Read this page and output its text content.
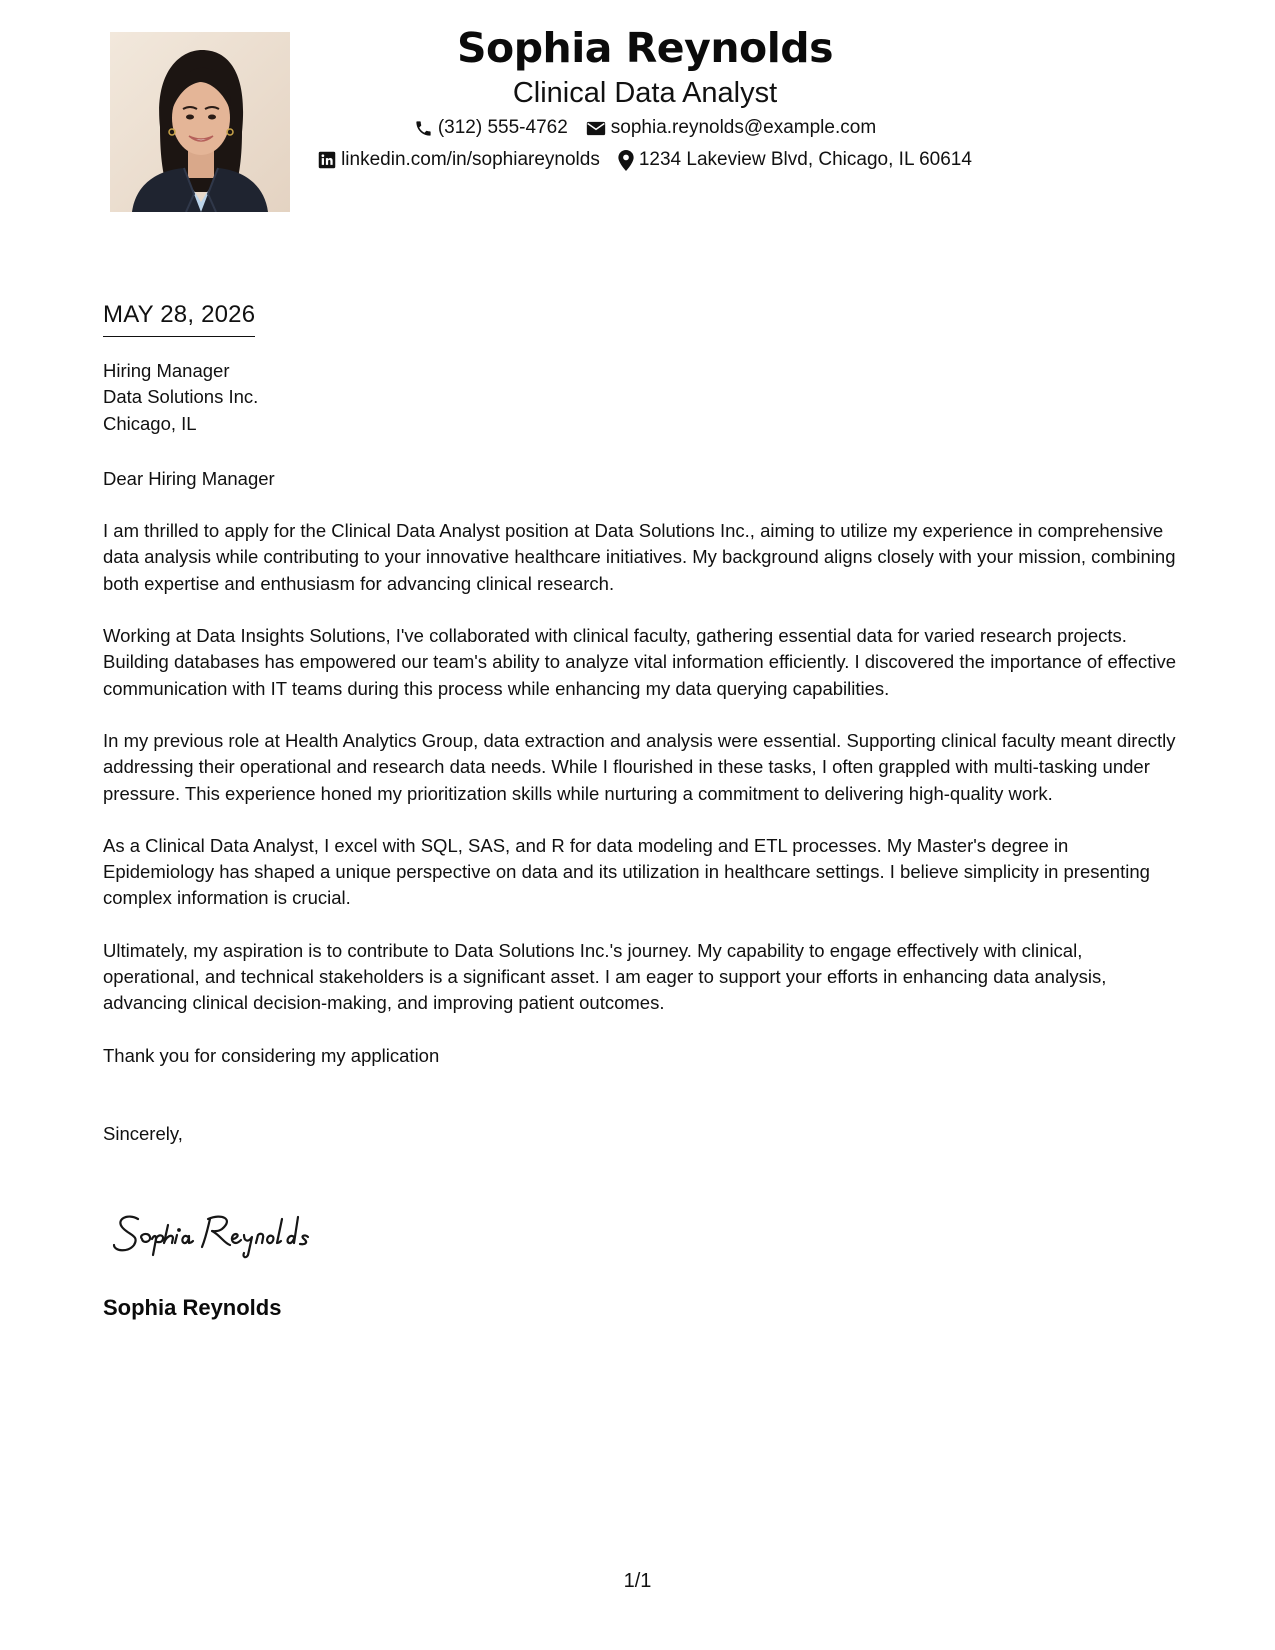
Sophia Reynolds
Clinical Data Analyst
(312) 555-4762 sophia.reynolds@example.com
linkedin.com/in/sophiareynolds 1234 Lakeview Blvd, Chicago, IL 60614
MAY 28, 2026
Hiring Manager
Data Solutions Inc.
Chicago, IL
Dear Hiring Manager

I am thrilled to apply for the Clinical Data Analyst position at Data Solutions Inc., aiming to utilize my experience in comprehensive data analysis while contributing to your innovative healthcare initiatives. My background aligns closely with your mission, combining both expertise and enthusiasm for advancing clinical research.

Working at Data Insights Solutions, I've collaborated with clinical faculty, gathering essential data for varied research projects. Building databases has empowered our team's ability to analyze vital information efficiently. I discovered the importance of effective communication with IT teams during this process while enhancing my data querying capabilities.

In my previous role at Health Analytics Group, data extraction and analysis were essential. Supporting clinical faculty meant directly addressing their operational and research data needs. While I flourished in these tasks, I often grappled with multi-tasking under pressure. This experience honed my prioritization skills while nurturing a commitment to delivering high-quality work.

As a Clinical Data Analyst, I excel with SQL, SAS, and R for data modeling and ETL processes. My Master's degree in Epidemiology has shaped a unique perspective on data and its utilization in healthcare settings. I believe simplicity in presenting complex information is crucial.

Ultimately, my aspiration is to contribute to Data Solutions Inc.'s journey. My capability to engage effectively with clinical, operational, and technical stakeholders is a significant asset. I am eager to support your efforts in enhancing data analysis, advancing clinical decision-making, and improving patient outcomes.

Thank you for considering my application
Sincerely,
Sophia Reynolds
1/1
